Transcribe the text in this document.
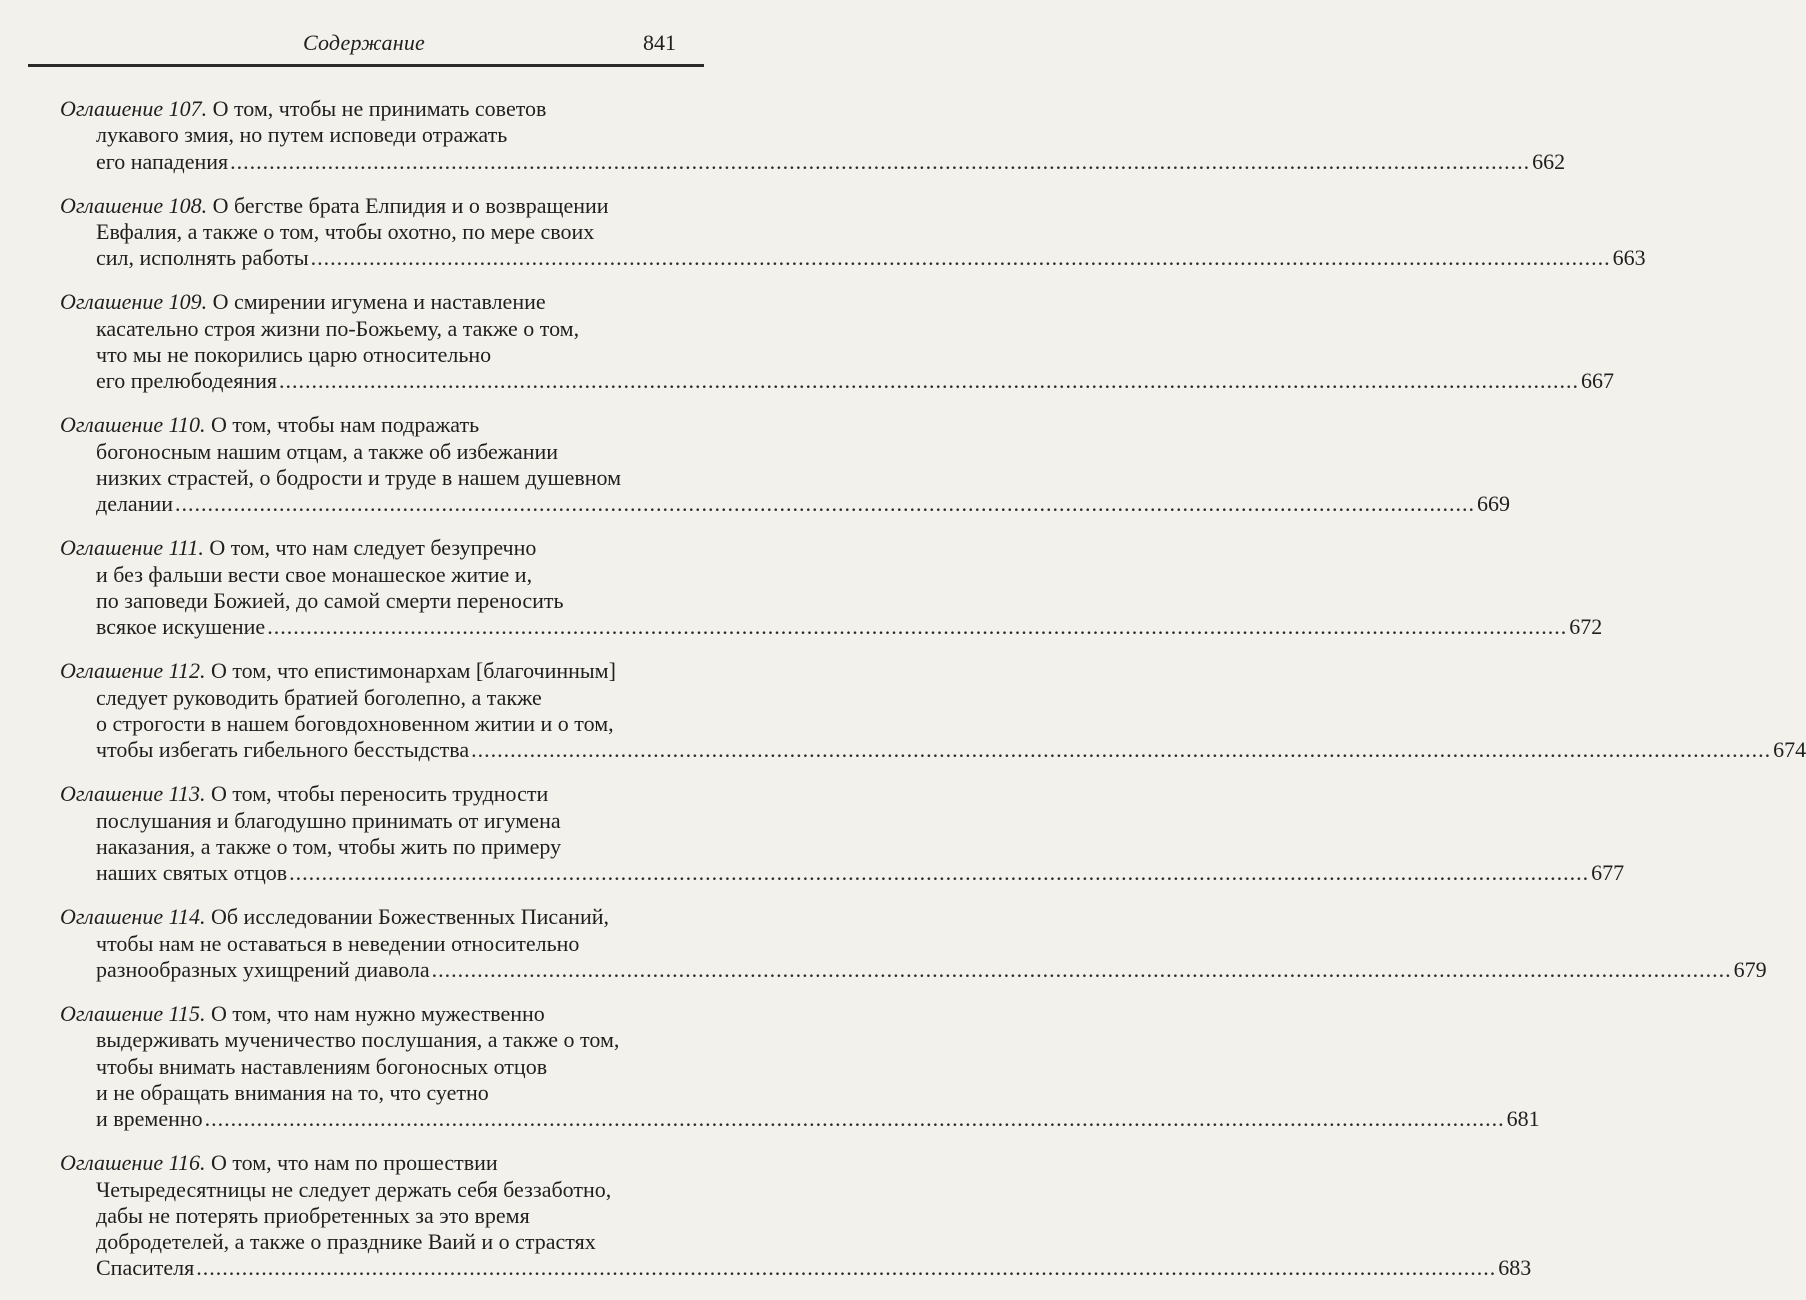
Содержание	841
Оглашение 107. О том, чтобы не принимать советов
лукавого змия, но путем исповеди отражать
его нападения ........................................................................................................................................................................................................ 662
Оглашение 108. О бегстве брата Елпидия и о возвращении
Евфалия, а также о том, чтобы охотно, по мере своих
сил, исполнять работы ........................................................................................................................................................................................................ 663
Оглашение 109. О смирении игумена и наставление
касательно строя жизни по-Божьему, а также о том,
что мы не покорились царю относительно
его прелюбодеяния ........................................................................................................................................................................................................ 667
Оглашение 110. О том, чтобы нам подражать
богоносным нашим отцам, а также об избежании
низких страстей, о бодрости и труде в нашем душевном
делании ........................................................................................................................................................................................................ 669
Оглашение 111. О том, что нам следует безупречно
и без фальши вести свое монашеское житие и,
по заповеди Божией, до самой смерти переносить
всякое искушение ........................................................................................................................................................................................................ 672
Оглашение 112. О том, что епистимонархам [благочинным]
следует руководить братией боголепно, а также
о строгости в нашем боговдохновенном житии и о том,
чтобы избегать гибельного бесстыдства ........................................................................................................................................................................................................ 674
Оглашение 113. О том, чтобы переносить трудности
послушания и благодушно принимать от игумена
наказания, а также о том, чтобы жить по примеру
наших святых отцов ........................................................................................................................................................................................................ 677
Оглашение 114. Об исследовании Божественных Писаний,
чтобы нам не оставаться в неведении относительно
разнообразных ухищрений диавола ........................................................................................................................................................................................................ 679
Оглашение 115. О том, что нам нужно мужественно
выдерживать мученичество послушания, а также о том,
чтобы внимать наставлениям богоносных отцов
и не обращать внимания на то, что суетно
и временно ........................................................................................................................................................................................................ 681
Оглашение 116. О том, что нам по прошествии
Четыредесятницы не следует держать себя беззаботно,
дабы не потерять приобретенных за это время
добродетелей, а также о празднике Ваий и о страстях
Спасителя ........................................................................................................................................................................................................ 683
